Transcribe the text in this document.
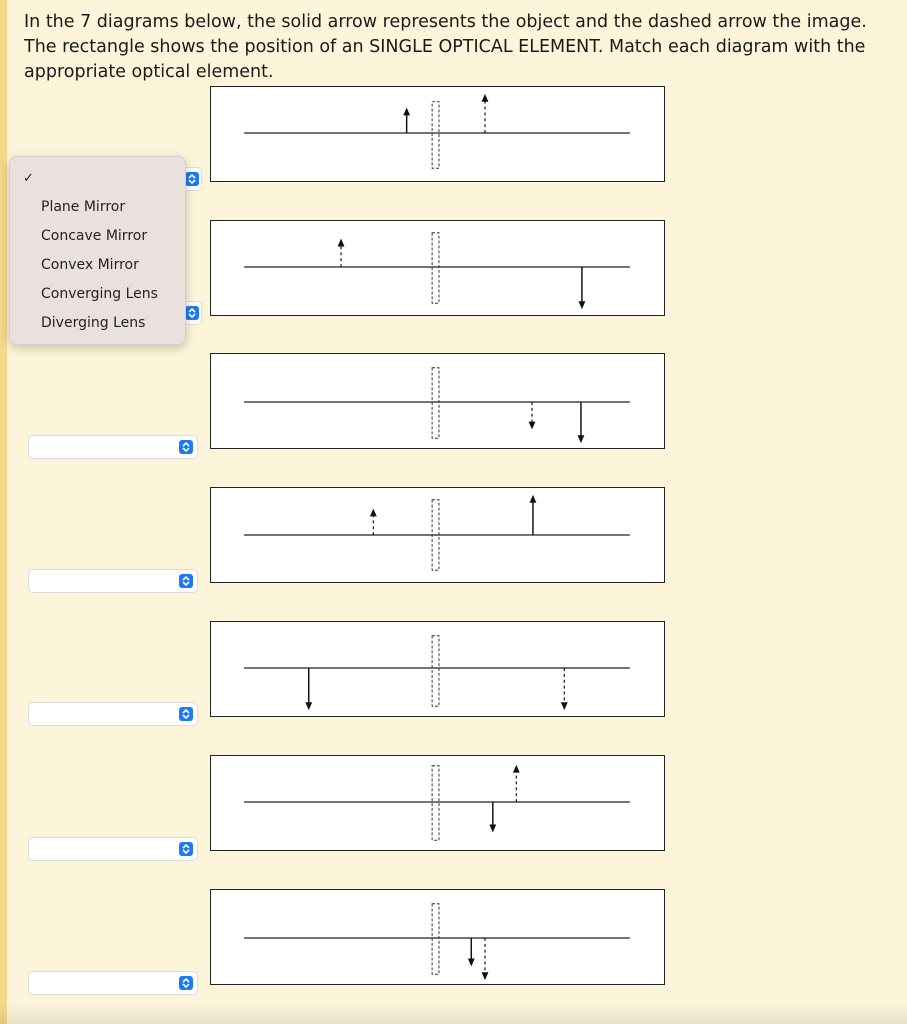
In the 7 diagrams below, the solid arrow represents the object and the dashed arrow the image. The rectangle shows the position of an SINGLE OPTICAL ELEMENT. Match each diagram with the appropriate optical element.

✓
Plane Mirror
Concave Mirror
Convex Mirror
Converging Lens
Diverging Lens
